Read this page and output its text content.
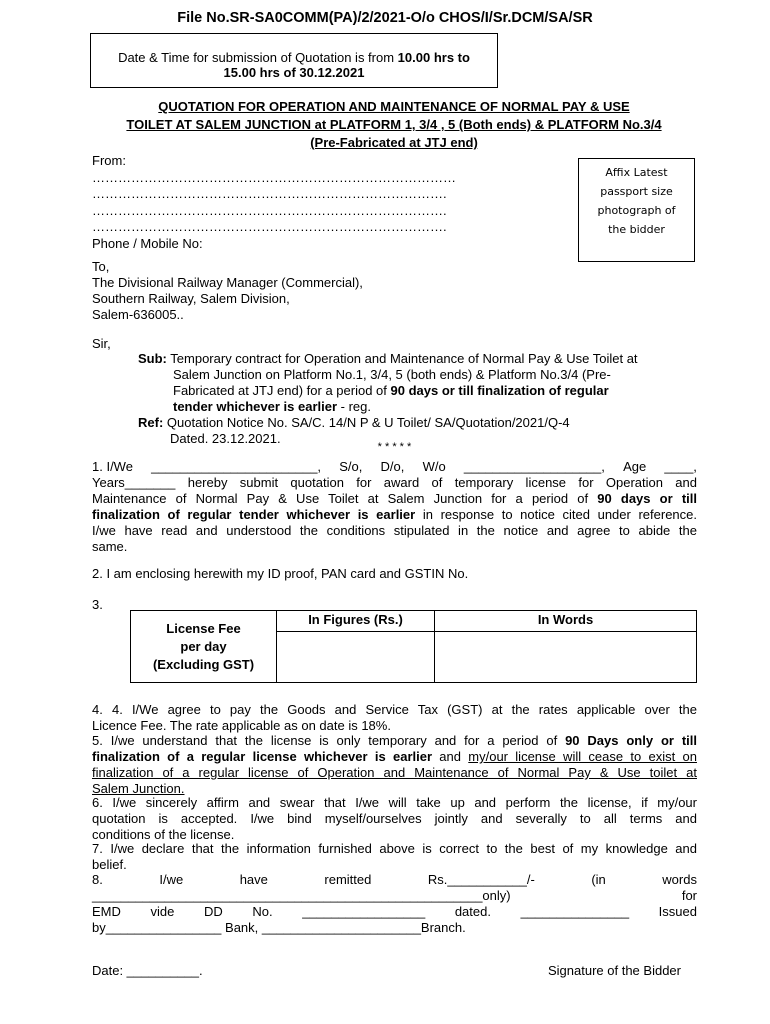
File No.SR-SA0COMM(PA)/2/2021-O/o CHOS/I/Sr.DCM/SA/SR
Date & Time for submission of Quotation is from 10.00 hrs to
15.00 hrs of 30.12.2021
QUOTATION FOR OPERATION AND MAINTENANCE OF NORMAL PAY & USE
TOILET AT SALEM JUNCTION at PLATFORM 1, 3/4 , 5 (Both ends) & PLATFORM No.3/4
(Pre-Fabricated at JTJ end)
From:
…………………………………………………………………………
……………………………………………………………………….
……………………………………………………………………….
……………………………………………………………………….
Phone / Mobile No:
Affix Latest
passport size
photograph of
the bidder
To,
The Divisional Railway Manager (Commercial),
Southern Railway, Salem Division,
Salem-636005..
Sir,
Sub: Temporary contract for Operation and Maintenance of Normal Pay & Use Toilet at
Salem Junction on Platform No.1, 3/4, 5 (both ends) & Platform No.3/4 (Pre-
Fabricated at JTJ end) for a period of 90 days or till finalization of regular
tender whichever is earlier - reg.
Ref: Quotation Notice No. SA/C. 14/N P & U Toilet/ SA/Quotation/2021/Q-4
Dated. 23.12.2021.
* * * * *
1. I/We _______________________, S/o, D/o, W/o ___________________, Age ____,
Years_______ hereby submit quotation for award of temporary license for Operation and
Maintenance of Normal Pay & Use Toilet at Salem Junction for a period of 90 days or till
finalization of regular tender whichever is earlier in response to notice cited under reference.
I/we have read and understood the conditions stipulated in the notice and agree to abide the
same.
2. I am enclosing herewith my ID proof, PAN card and GSTIN No.
3.
License Fee
per day
(Excluding GST)	In Figures (Rs.)	In Words

4. 4. I/We agree to pay the Goods and Service Tax (GST) at the rates applicable over the
Licence Fee. The rate applicable as on date is 18%.
5. I/we understand that the license is only temporary and for a period of 90 Days only or till
finalization of a regular license whichever is earlier and my/our license will cease to exist on
finalization of a regular license of Operation and Maintenance of Normal Pay & Use toilet at
Salem Junction.
6. I/we sincerely affirm and swear that I/we will take up and perform the license, if my/our
quotation is accepted. I/we bind myself/ourselves jointly and severally to all terms and
conditions of the license.
7. I/we declare that the information furnished above is correct to the best of my knowledge and
belief.
8.	I/we	have	remitted	Rs.___________/-	(in	words
______________________________________________________only)	for
EMD vide DD No. _________________ dated. _______________ Issued
by________________ Bank, ______________________Branch.
Date: __________.	Signature of the Bidder
